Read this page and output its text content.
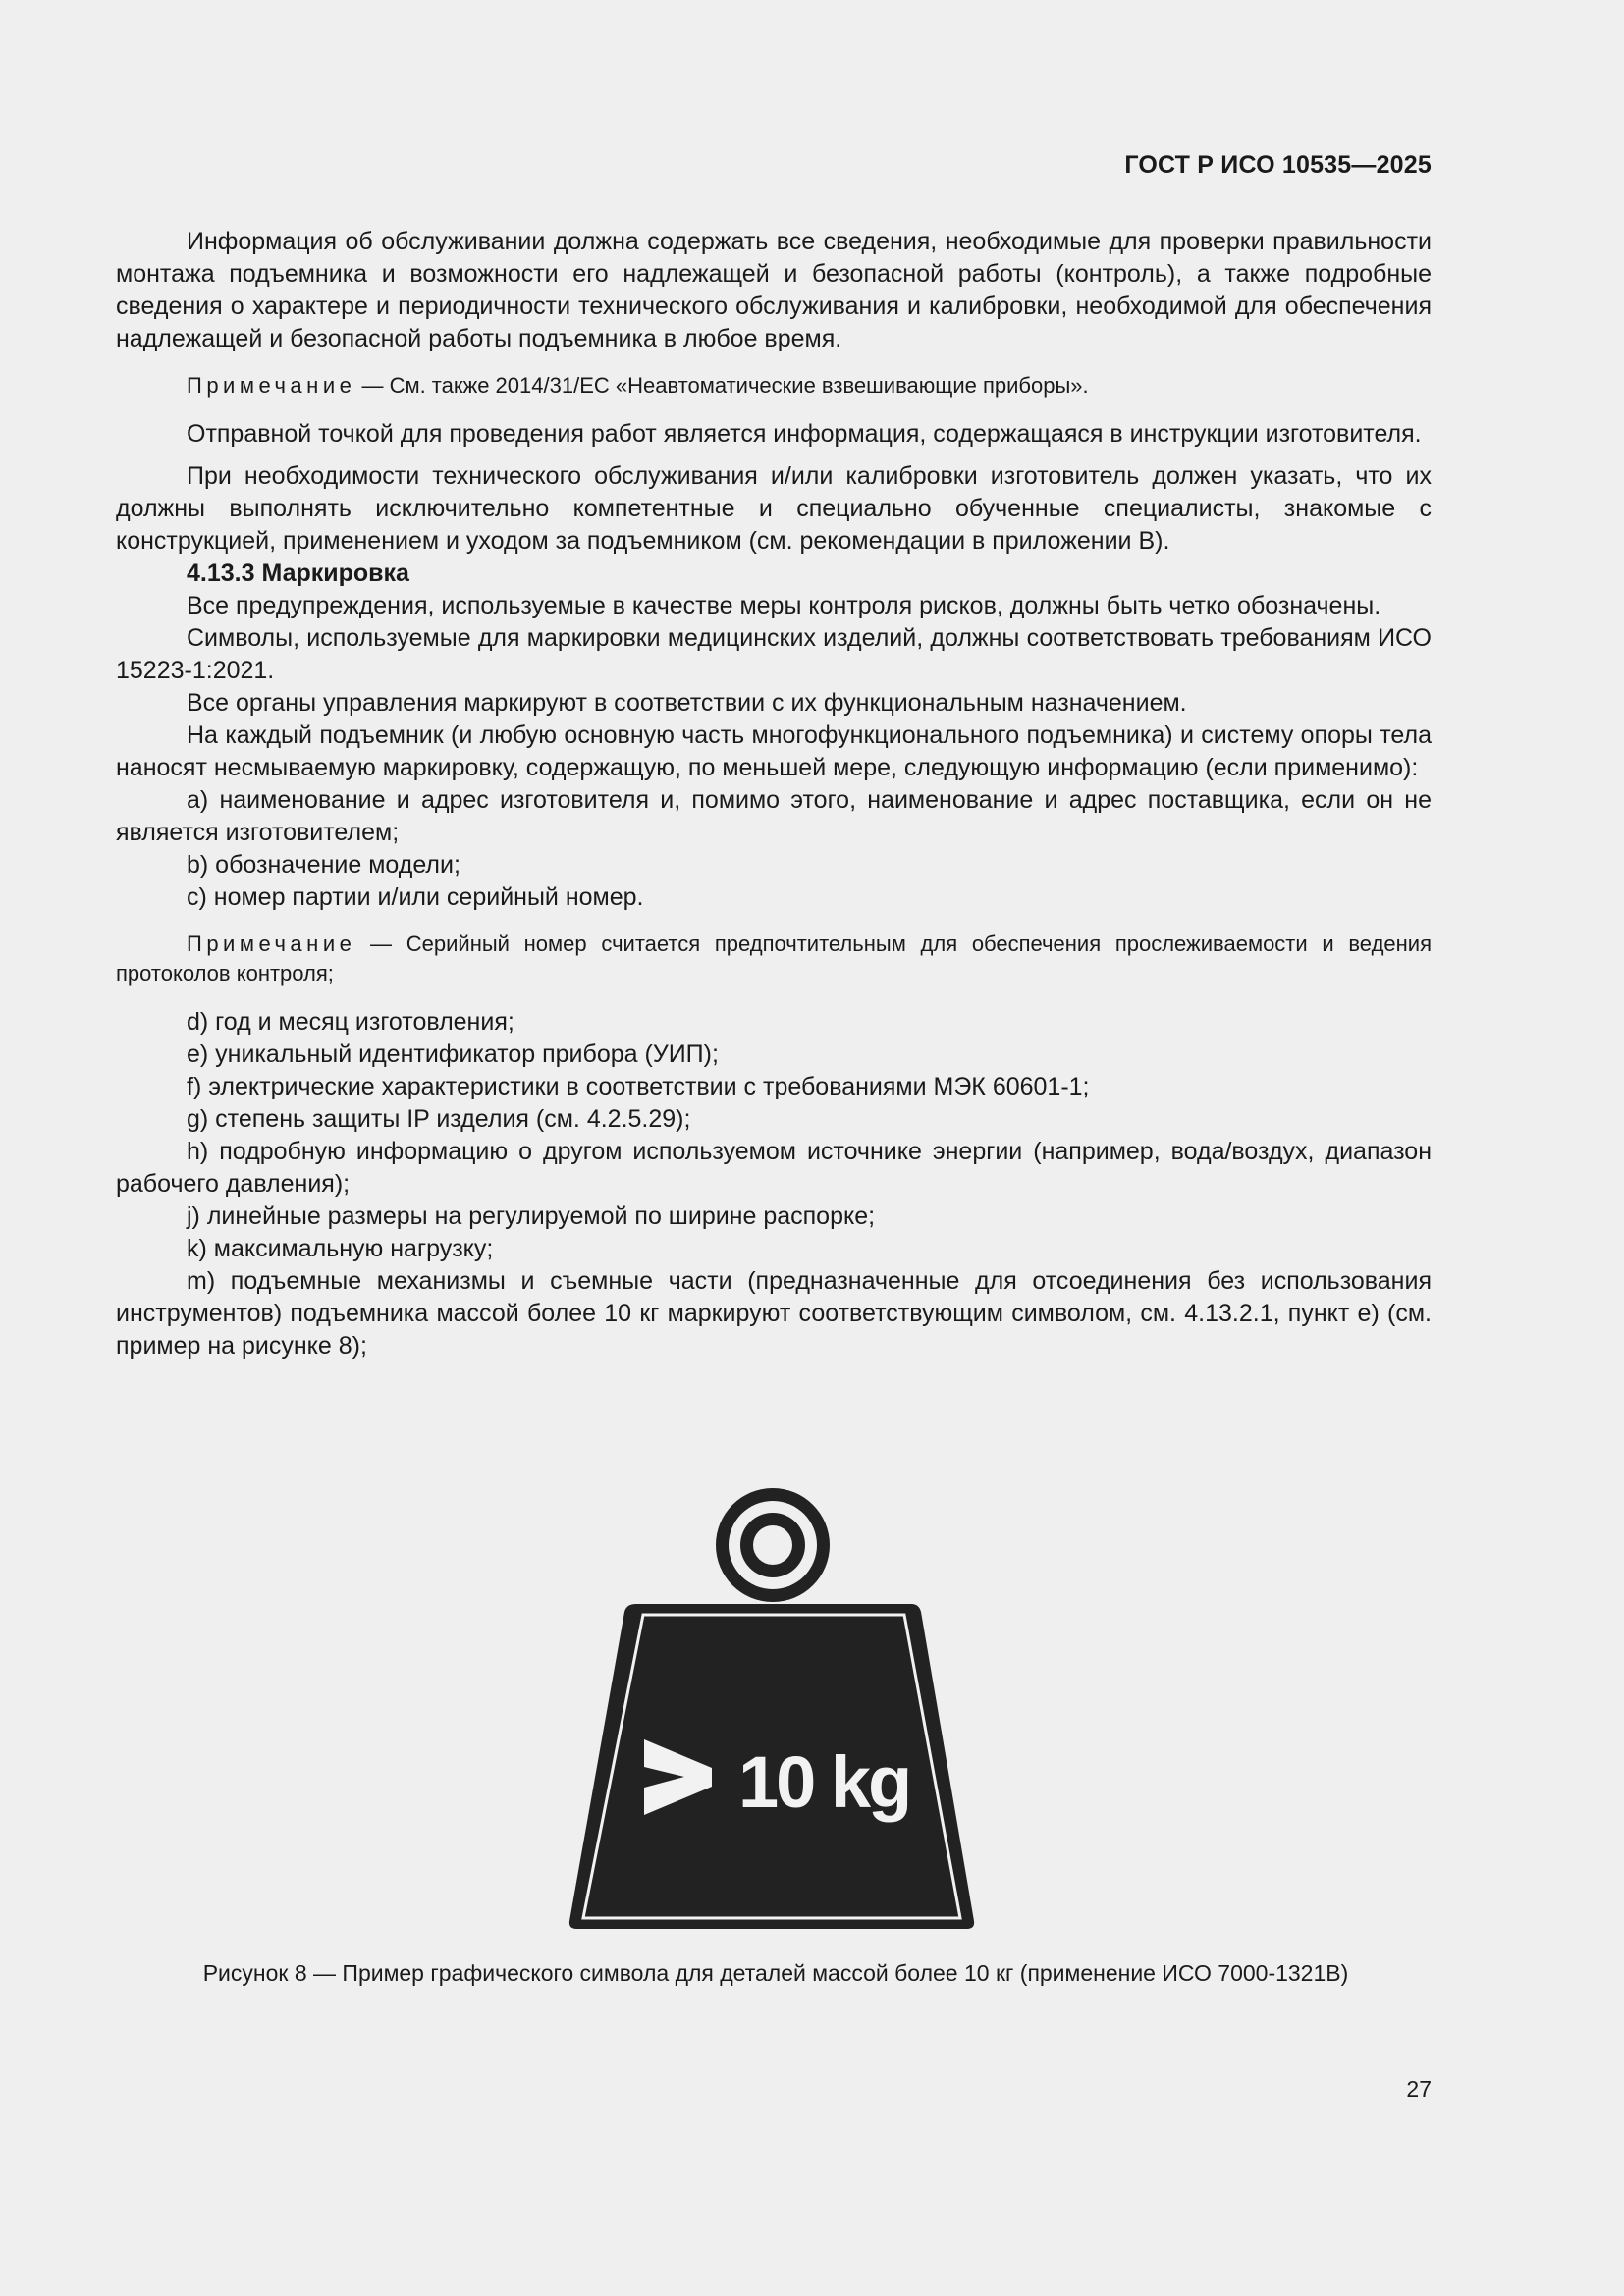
ГОСТ Р ИСО 10535—2025

Информация об обслуживании должна содержать все сведения, необходимые для проверки правильности монтажа подъемника и возможности его надлежащей и безопасной работы (контроль), а также подробные сведения о характере и периодичности технического обслуживания и калибровки, необходимой для обеспечения надлежащей и безопасной работы подъемника в любое время.

Примечание — См. также 2014/31/EC «Неавтоматические взвешивающие приборы».

Отправной точкой для проведения работ является информация, содержащаяся в инструкции изготовителя.

При необходимости технического обслуживания и/или калибровки изготовитель должен указать, что их должны выполнять исключительно компетентные и специально обученные специалисты, знакомые с конструкцией, применением и уходом за подъемником (см. рекомендации в приложении В).

4.13.3 Маркировка

Все предупреждения, используемые в качестве меры контроля рисков, должны быть четко обозначены.

Символы, используемые для маркировки медицинских изделий, должны соответствовать требованиям ИСО 15223-1:2021.

Все органы управления маркируют в соответствии с их функциональным назначением.

На каждый подъемник (и любую основную часть многофункционального подъемника) и систему опоры тела наносят несмываемую маркировку, содержащую, по меньшей мере, следующую информацию (если применимо):

a) наименование и адрес изготовителя и, помимо этого, наименование и адрес поставщика, если он не является изготовителем;

b) обозначение модели;

c) номер партии и/или серийный номер.

Примечание — Серийный номер считается предпочтительным для обеспечения прослеживаемости и ведения протоколов контроля;

d) год и месяц изготовления;

e) уникальный идентификатор прибора (УИП);

f) электрические характеристики в соответствии с требованиями МЭК 60601-1;

g) степень защиты IP изделия (см. 4.2.5.29);

h) подробную информацию о другом используемом источнике энергии (например, вода/воздух, диапазон рабочего давления);

j) линейные размеры на регулируемой по ширине распорке;

k) максимальную нагрузку;

m) подъемные механизмы и съемные части (предназначенные для отсоединения без использования инструментов) подъемника массой более 10 кг маркируют соответствующим символом, см. 4.13.2.1, пункт e) (см. пример на рисунке 8);

10 kg
Рисунок 8 — Пример графического символа для деталей массой более 10 кг (применение ИСО 7000-1321В)
27
